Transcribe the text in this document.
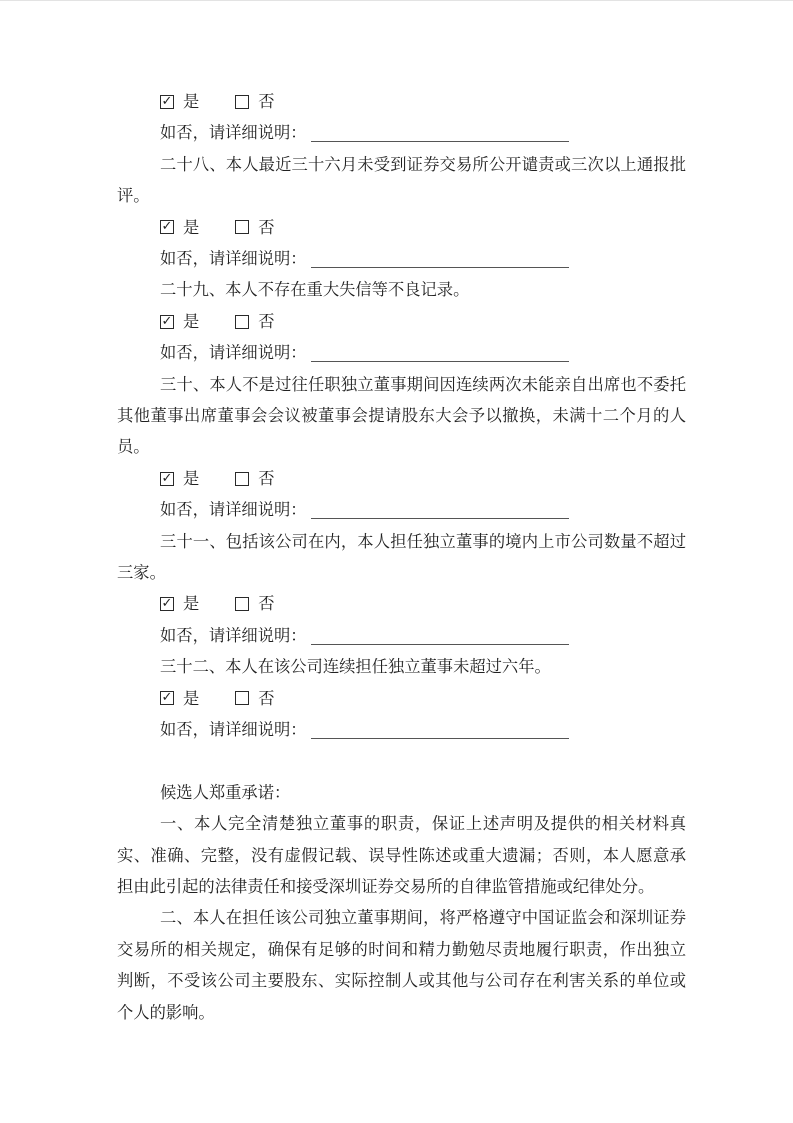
✓ 是	否
如否，请详细说明：

二十八、本人最近三十六月未受到证券交易所公开谴责或三次以上通报批评。

✓ 是	否
如否，请详细说明：

二十九、本人不存在重大失信等不良记录。

✓ 是	否
如否，请详细说明：

三十、本人不是过往任职独立董事期间因连续两次未能亲自出席也不委托其他董事出席董事会会议被董事会提请股东大会予以撤换，未满十二个月的人员。

✓ 是	否
如否，请详细说明：

三十一、包括该公司在内，本人担任独立董事的境内上市公司数量不超过三家。

✓ 是	否
如否，请详细说明：

三十二、本人在该公司连续担任独立董事未超过六年。

✓ 是	否
如否，请详细说明：

候选人郑重承诺：

一、本人完全清楚独立董事的职责，保证上述声明及提供的相关材料真实、准确、完整，没有虚假记载、误导性陈述或重大遗漏；否则，本人愿意承担由此引起的法律责任和接受深圳证券交易所的自律监管措施或纪律处分。

二、本人在担任该公司独立董事期间，将严格遵守中国证监会和深圳证券交易所的相关规定，确保有足够的时间和精力勤勉尽责地履行职责，作出独立判断，不受该公司主要股东、实际控制人或其他与公司存在利害关系的单位或个人的影响。
